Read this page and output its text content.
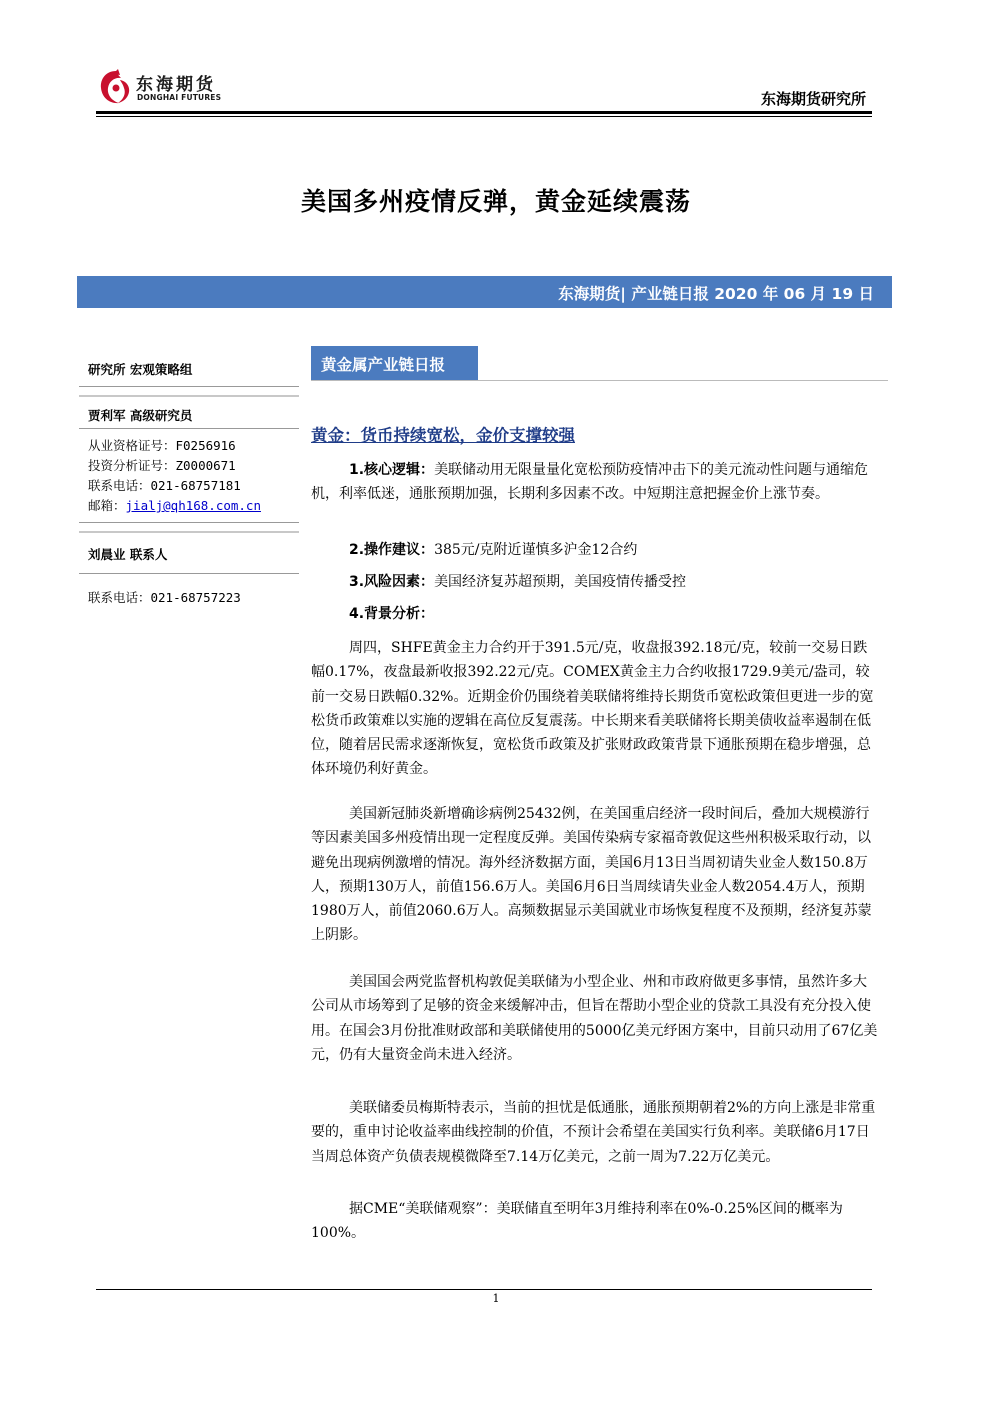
东海期货
DONGHAI FUTURES	东海期货研究所
美国多州疫情反弹，黄金延续震荡
东海期货| 产业链日报 2020 年 06 月 19 日
研究所 宏观策略组
贾利军 高级研究员
从业资格证号：F0256916
投资分析证号：Z0000671
联系电话：021-68757181
邮箱：jialj@qh168.com.cn
刘晨业 联系人
联系电话：021-68757223
黄金属产业链日报
黄金：货币持续宽松，金价支撑较强
1.核心逻辑：美联储动用无限量量化宽松预防疫情冲击下的美元流动性问题与通缩危机，利率低迷，通胀预期加强，长期利多因素不改。中短期注意把握金价上涨节奏。
2.操作建议：385元/克附近谨慎多沪金12合约
3.风险因素：美国经济复苏超预期，美国疫情传播受控
4.背景分析：
周四，SHFE黄金主力合约开于391.5元/克，收盘报392.18元/克，较前一交易日跌幅0.17%，夜盘最新收报392.22元/克。COMEX黄金主力合约收报1729.9美元/盎司，较前一交易日跌幅0.32%。近期金价仍围绕着美联储将维持长期货币宽松政策但更进一步的宽松货币政策难以实施的逻辑在高位反复震荡。中长期来看美联储将长期美债收益率遏制在低位，随着居民需求逐渐恢复，宽松货币政策及扩张财政政策背景下通胀预期在稳步增强，总体环境仍利好黄金。
美国新冠肺炎新增确诊病例25432例，在美国重启经济一段时间后，叠加大规模游行等因素美国多州疫情出现一定程度反弹。美国传染病专家福奇敦促这些州积极采取行动，以避免出现病例激增的情况。海外经济数据方面，美国6月13日当周初请失业金人数150.8万人，预期130万人，前值156.6万人。美国6月6日当周续请失业金人数2054.4万人，预期1980万人，前值2060.6万人。高频数据显示美国就业市场恢复程度不及预期，经济复苏蒙上阴影。
美国国会两党监督机构敦促美联储为小型企业、州和市政府做更多事情，虽然许多大公司从市场筹到了足够的资金来缓解冲击，但旨在帮助小型企业的贷款工具没有充分投入使用。在国会3月份批准财政部和美联储使用的5000亿美元纾困方案中，目前只动用了67亿美元，仍有大量资金尚未进入经济。
美联储委员梅斯特表示，当前的担忧是低通胀，通胀预期朝着2%的方向上涨是非常重要的，重申讨论收益率曲线控制的价值，不预计会希望在美国实行负利率。美联储6月17日当周总体资产负债表规模微降至7.14万亿美元，之前一周为7.22万亿美元。
据CME“美联储观察”：美联储直至明年3月维持利率在0%-0.25%区间的概率为100%。
1
